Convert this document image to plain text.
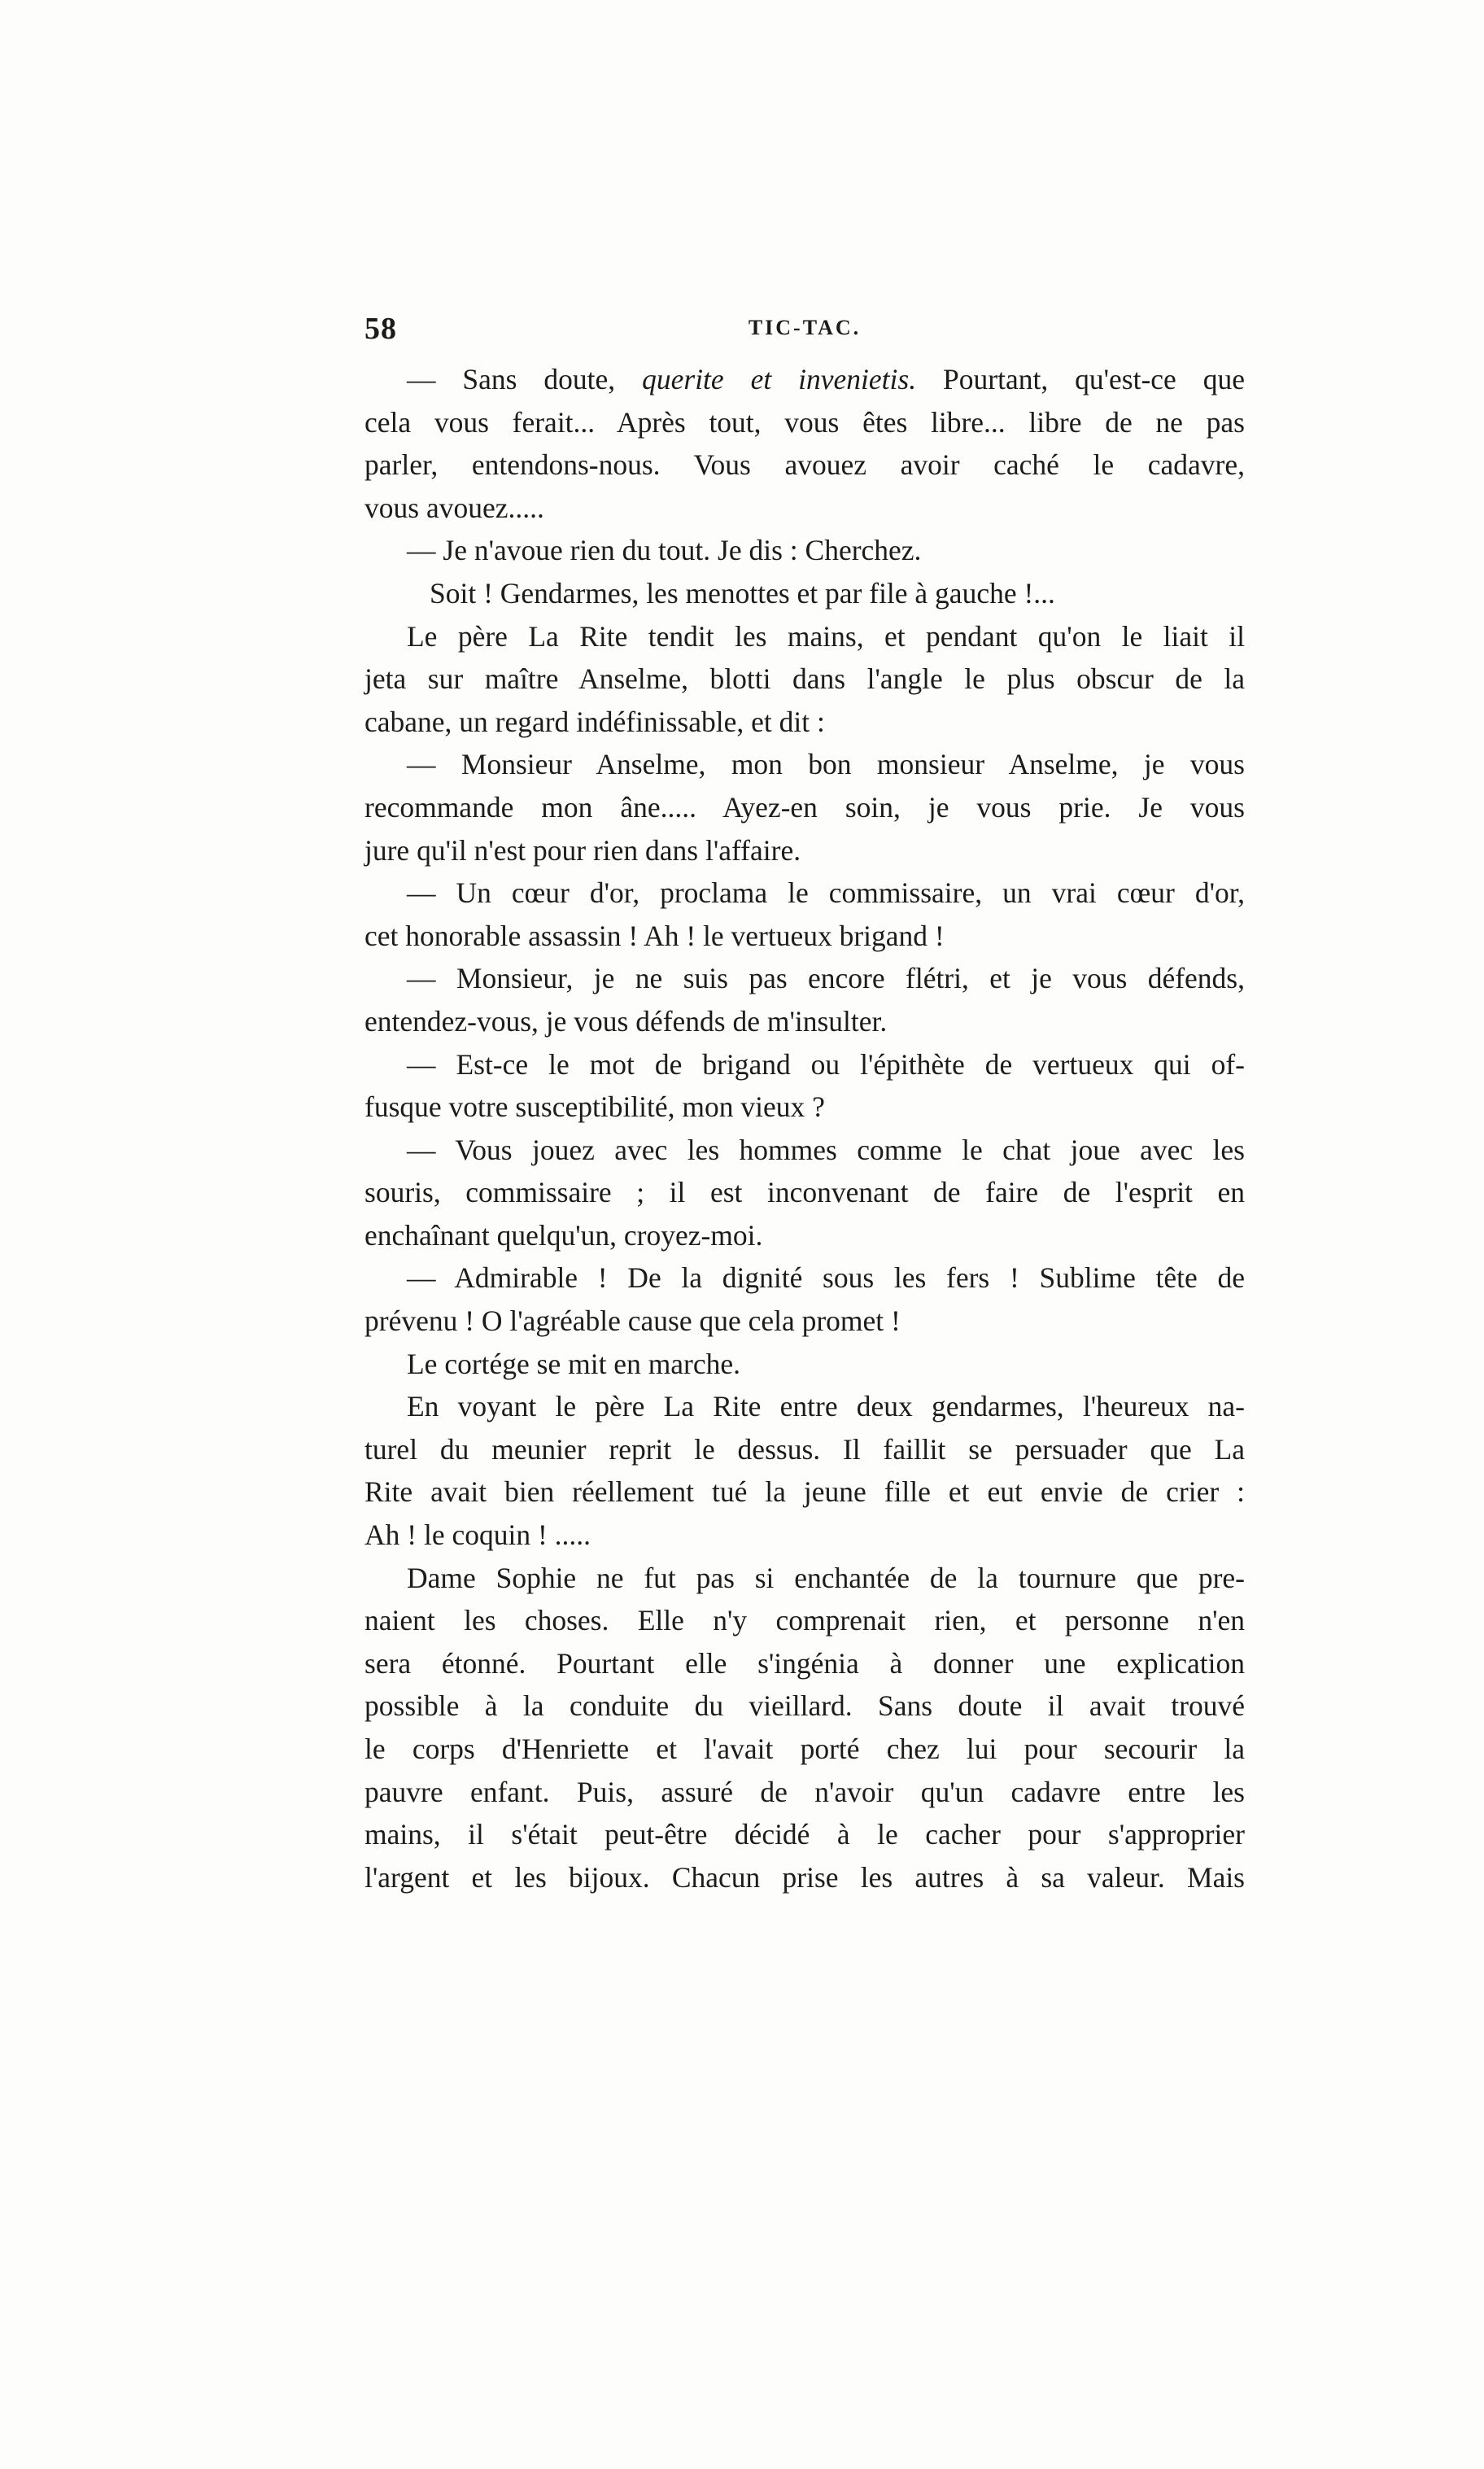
58	TIC-TAC.
— Sans doute, querite et invenietis. Pourtant, qu'est-ce que
cela vous ferait... Après tout, vous êtes libre... libre de ne pas
parler, entendons-nous. Vous avouez avoir caché le cadavre,
vous avouez.....
— Je n'avoue rien du tout. Je dis : Cherchez.
Soit ! Gendarmes, les menottes et par file à gauche !...
Le père La Rite tendit les mains, et pendant qu'on le liait il
jeta sur maître Anselme, blotti dans l'angle le plus obscur de la
cabane, un regard indéfinissable, et dit :
— Monsieur Anselme, mon bon monsieur Anselme, je vous
recommande mon âne..... Ayez-en soin, je vous prie. Je vous
jure qu'il n'est pour rien dans l'affaire.
— Un cœur d'or, proclama le commissaire, un vrai cœur d'or,
cet honorable assassin ! Ah ! le vertueux brigand !
— Monsieur, je ne suis pas encore flétri, et je vous défends,
entendez-vous, je vous défends de m'insulter.
— Est-ce le mot de brigand ou l'épithète de vertueux qui of-
fusque votre susceptibilité, mon vieux ?
— Vous jouez avec les hommes comme le chat joue avec les
souris, commissaire ; il est inconvenant de faire de l'esprit en
enchaînant quelqu'un, croyez-moi.
— Admirable ! De la dignité sous les fers ! Sublime tête de
prévenu ! O l'agréable cause que cela promet !
Le cortége se mit en marche.
En voyant le père La Rite entre deux gendarmes, l'heureux na-
turel du meunier reprit le dessus. Il faillit se persuader que La
Rite avait bien réellement tué la jeune fille et eut envie de crier :
Ah ! le coquin ! .....
Dame Sophie ne fut pas si enchantée de la tournure que pre-
naient les choses. Elle n'y comprenait rien, et personne n'en
sera étonné. Pourtant elle s'ingénia à donner une explication
possible à la conduite du vieillard. Sans doute il avait trouvé
le corps d'Henriette et l'avait porté chez lui pour secourir la
pauvre enfant. Puis, assuré de n'avoir qu'un cadavre entre les
mains, il s'était peut-être décidé à le cacher pour s'approprier
l'argent et les bijoux. Chacun prise les autres à sa valeur. Mais
